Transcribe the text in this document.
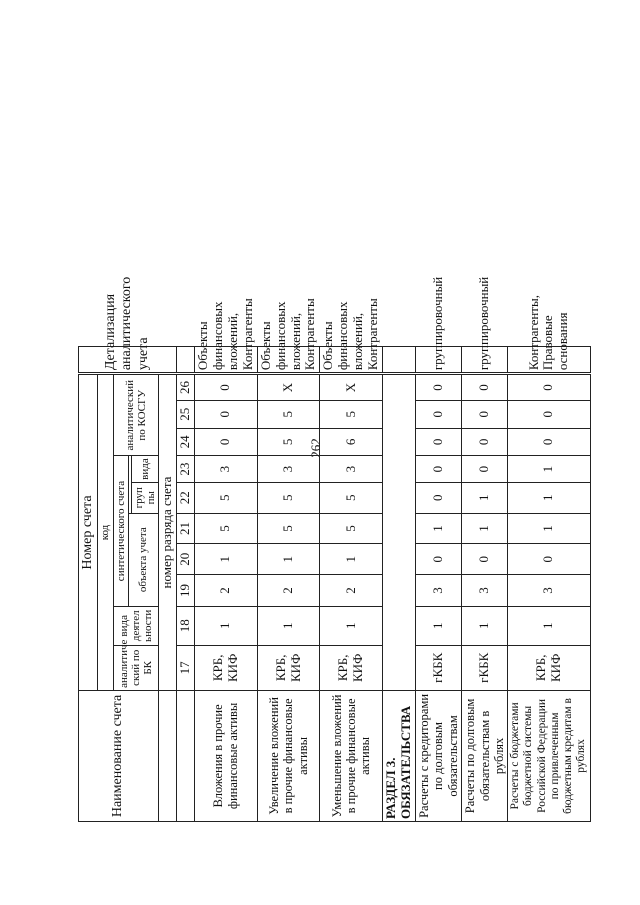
262
Наименование счета	Номер счета										Детализация аналитического учета
	код										
	аналитиче ский по БК	вида деятел ьности	синтетического счета					аналитический по КОСГУ			
			объекта учета								
						груп пы	вида				
	номер разряда счета										
	17	18	19	20	21	22	23	24	25	26	
Вложения в прочие финансовые активы	КРБ, КИФ	1	2	1	5	5	3	0	0	0	Объекты финансовых вложений, Контрагенты
Увеличение вложений в прочие финансовые активы	КРБ, КИФ	1	2	1	5	5	3	5	5	X	Объекты финансовых вложений, Контрагенты
Уменьшение вложений в прочие финансовые активы	КРБ, КИФ	1	2	1	5	5	3	6	5	X	Объекты финансовых вложений, Контрагенты
РАЗДЕЛ 3. ОБЯЗАТЕЛЬСТВА											
Расчеты с кредиторами по долговым обязательствам	гКБК	1	3	0	1	0	0	0	0	0	группировочный
Расчеты по долговым обязательствам в рублях	гКБК	1	3	0	1	1	0	0	0	0	группировочный
Расчеты с бюджетами бюджетной системы Российской Федерации по привлеченным бюджетным кредитам в рублях	КРБ, КИФ	1	3	0	1	1	1	0	0	0	Контрагенты, Правовые основания
